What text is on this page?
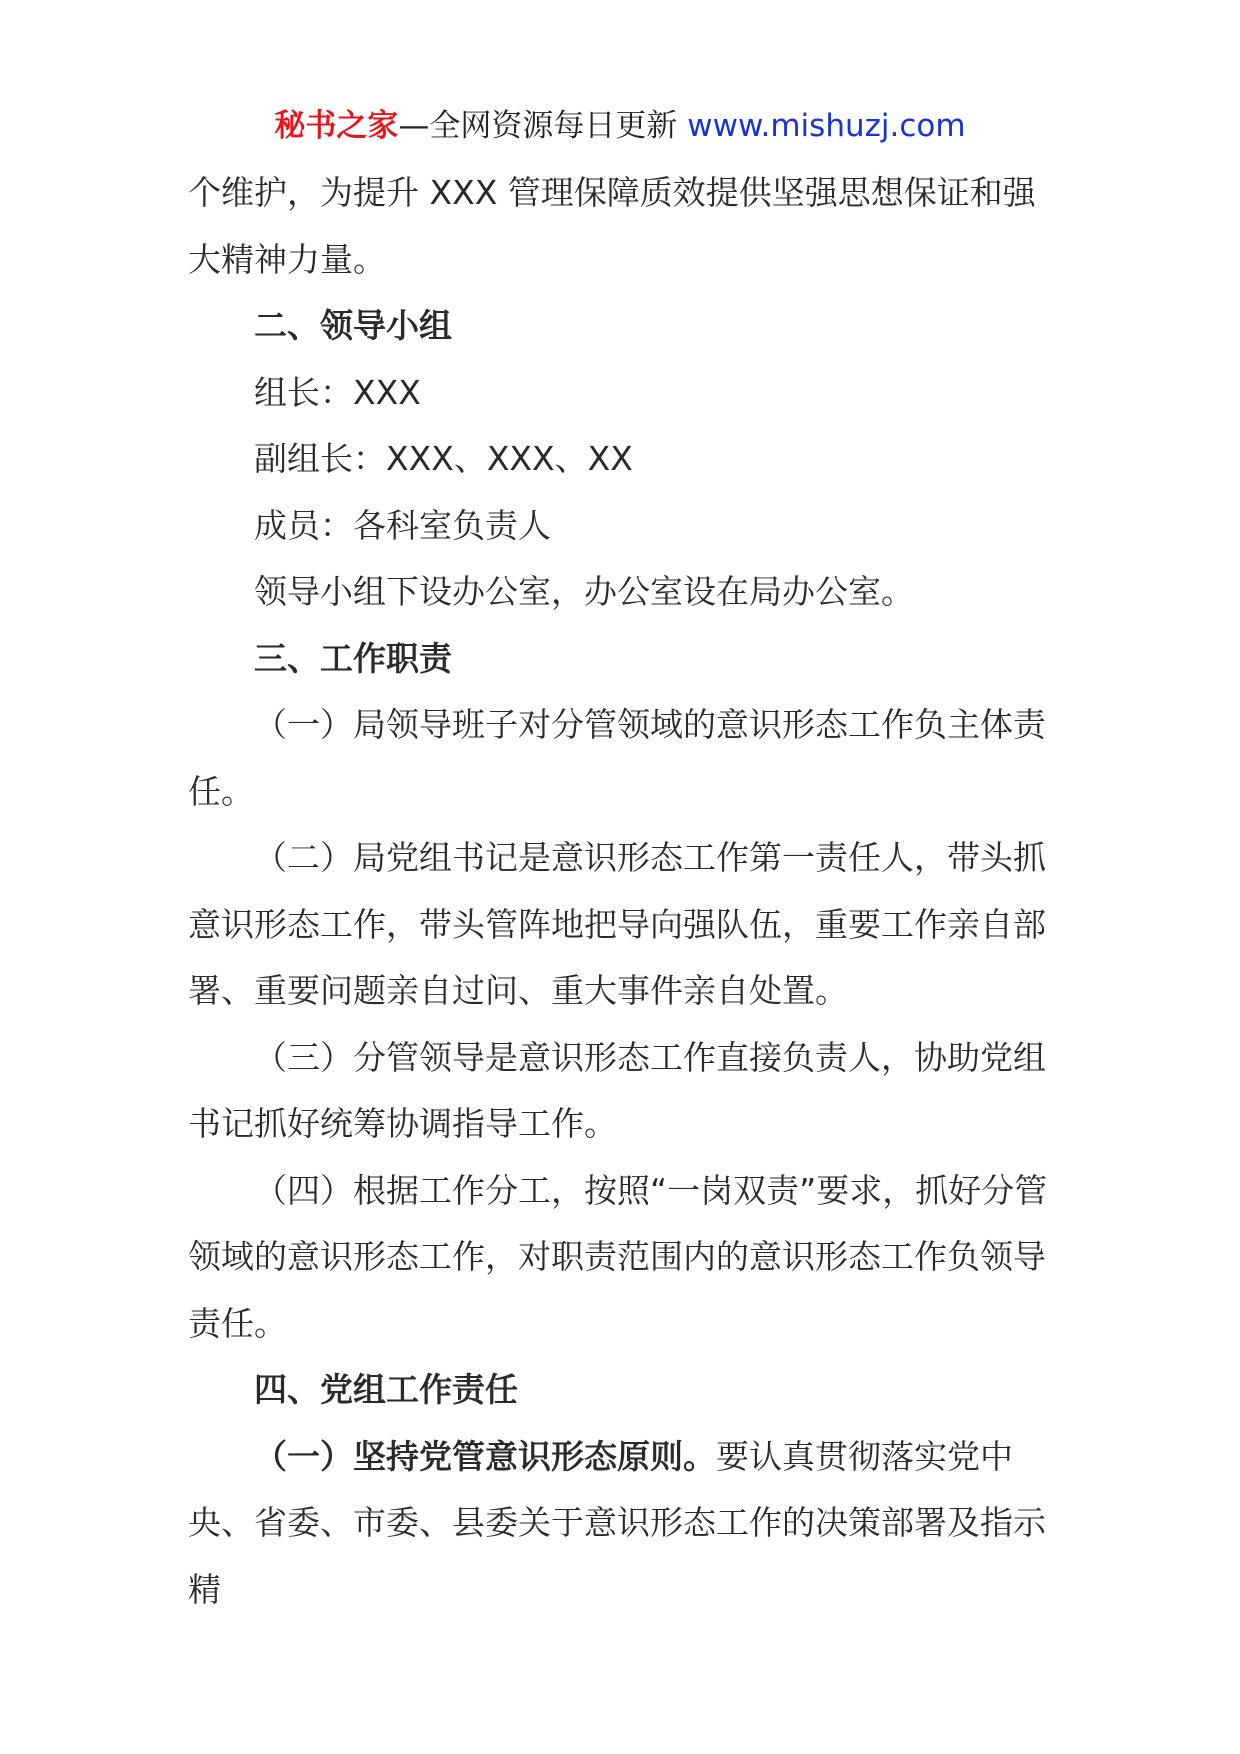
秘书之家—全网资源每日更新 www.mishuzj.com

个维护，为提升 XXX 管理保障质效提供坚强思想保证和强大精神力量。

二、领导小组

组长：XXX

副组长：XXX、XXX、XX

成员：各科室负责人

领导小组下设办公室，办公室设在局办公室。

三、工作职责

（一）局领导班子对分管领域的意识形态工作负主体责任。

（二）局党组书记是意识形态工作第一责任人，带头抓意识形态工作，带头管阵地把导向强队伍，重要工作亲自部署、重要问题亲自过问、重大事件亲自处置。

（三）分管领导是意识形态工作直接负责人，协助党组书记抓好统筹协调指导工作。

（四）根据工作分工，按照“一岗双责”要求，抓好分管领域的意识形态工作，对职责范围内的意识形态工作负领导责任。

四、党组工作责任

（一）坚持党管意识形态原则。要认真贯彻落实党中央、省委、市委、县委关于意识形态工作的决策部署及指示精
